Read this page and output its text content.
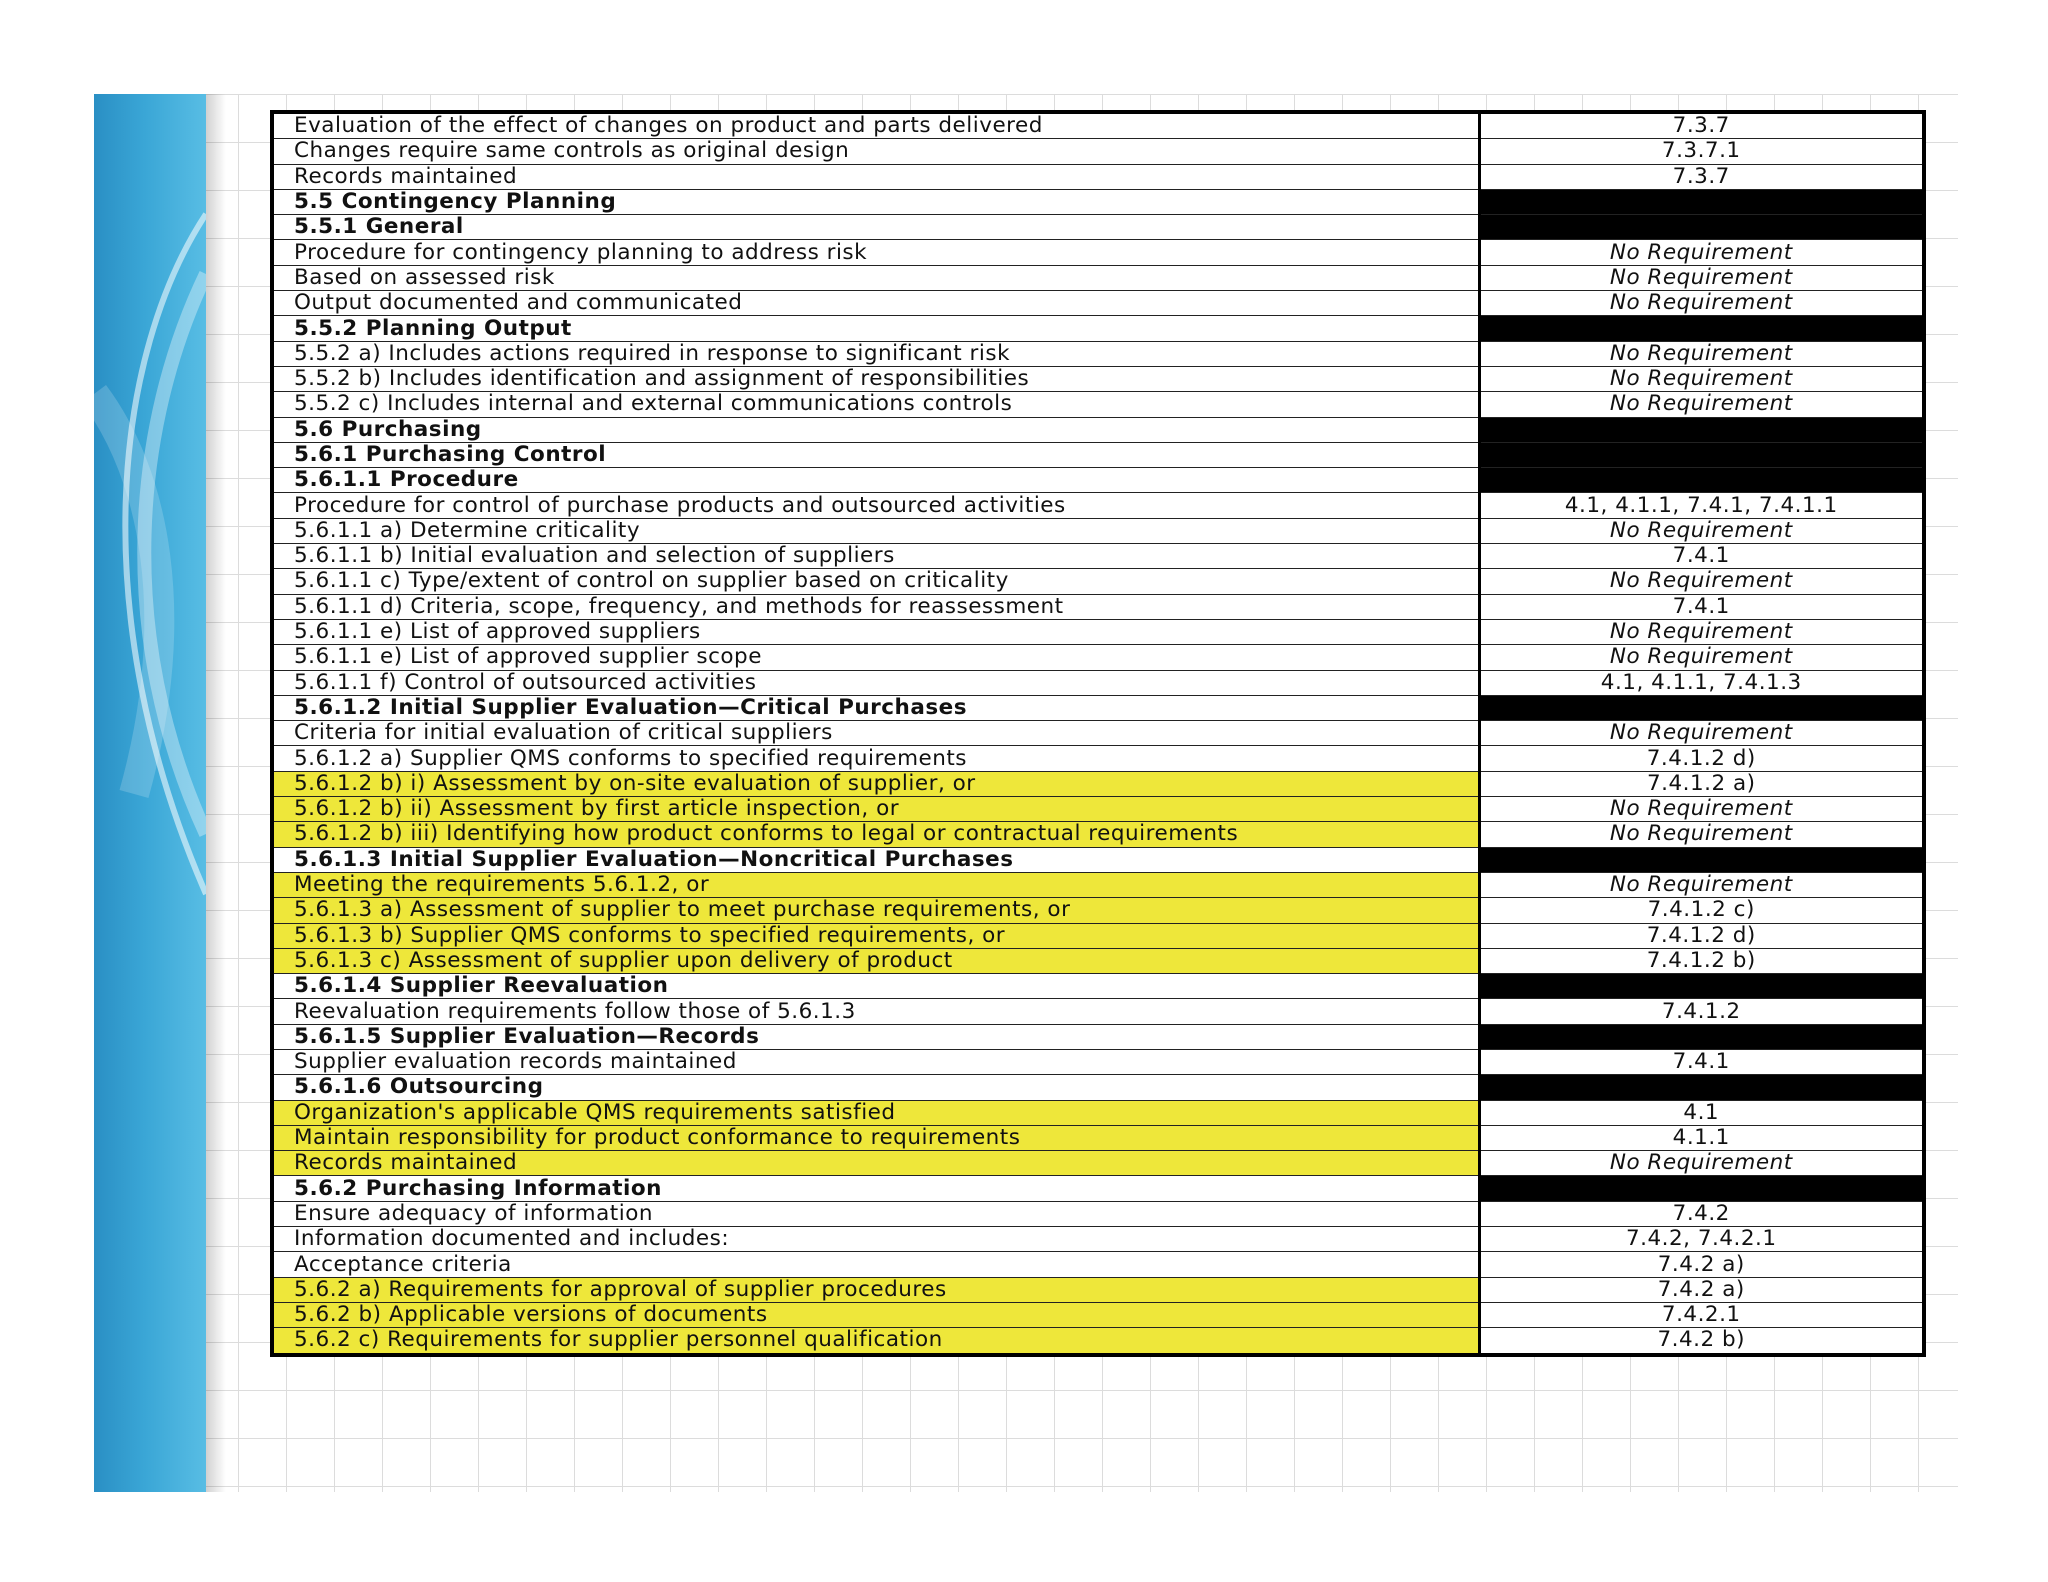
Evaluation of the effect of changes on product and parts delivered	7.3.7
Changes require same controls as original design	7.3.7.1
Records maintained	7.3.7
5.5 Contingency Planning	
5.5.1 General	
Procedure for contingency planning to address risk	No Requirement
Based on assessed risk	No Requirement
Output documented and communicated	No Requirement
5.5.2 Planning Output	
5.5.2 a) Includes actions required in response to significant risk	No Requirement
5.5.2 b) Includes identification and assignment of responsibilities	No Requirement
5.5.2 c) Includes internal and external communications controls	No Requirement
5.6 Purchasing	
5.6.1 Purchasing Control	
5.6.1.1 Procedure	
Procedure for control of purchase products and outsourced activities	4.1, 4.1.1, 7.4.1, 7.4.1.1
5.6.1.1 a) Determine criticality	No Requirement
5.6.1.1 b) Initial evaluation and selection of suppliers	7.4.1
5.6.1.1 c) Type/extent of control on supplier based on criticality	No Requirement
5.6.1.1 d) Criteria, scope, frequency, and methods for reassessment	7.4.1
5.6.1.1 e) List of approved suppliers	No Requirement
5.6.1.1 e) List of approved supplier scope	No Requirement
5.6.1.1 f) Control of outsourced activities	4.1, 4.1.1, 7.4.1.3
5.6.1.2 Initial Supplier Evaluation—Critical Purchases	
Criteria for initial evaluation of critical suppliers	No Requirement
5.6.1.2 a) Supplier QMS conforms to specified requirements	7.4.1.2 d)
5.6.1.2 b) i) Assessment by on-site evaluation of supplier, or	7.4.1.2 a)
5.6.1.2 b) ii) Assessment by first article inspection, or	No Requirement
5.6.1.2 b) iii) Identifying how product conforms to legal or contractual requirements	No Requirement
5.6.1.3 Initial Supplier Evaluation—Noncritical Purchases	
Meeting the requirements 5.6.1.2, or	No Requirement
5.6.1.3 a) Assessment of supplier to meet purchase requirements, or	7.4.1.2 c)
5.6.1.3 b) Supplier QMS conforms to specified requirements, or	7.4.1.2 d)
5.6.1.3 c) Assessment of supplier upon delivery of product	7.4.1.2 b)
5.6.1.4 Supplier Reevaluation	
Reevaluation requirements follow those of 5.6.1.3	7.4.1.2
5.6.1.5 Supplier Evaluation—Records	
Supplier evaluation records maintained	7.4.1
5.6.1.6 Outsourcing	
Organization's applicable QMS requirements satisfied	4.1
Maintain responsibility for product conformance to requirements	4.1.1
Records maintained	No Requirement
5.6.2 Purchasing Information	
Ensure adequacy of information	7.4.2
Information documented and includes:	7.4.2, 7.4.2.1
Acceptance criteria	7.4.2 a)
5.6.2 a) Requirements for approval of supplier procedures	7.4.2 a)
5.6.2 b) Applicable versions of documents	7.4.2.1
5.6.2 c) Requirements for supplier personnel qualification	7.4.2 b)
